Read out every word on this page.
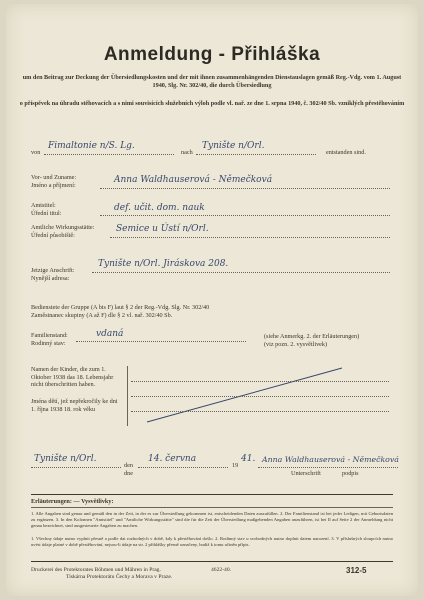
Anmeldung - Přihláška
um den Beitrag zur Deckung der Übersiedlungskosten und der mit ihnen zusammenhängenden Dienstauslagen gemäß Reg.-Vdg. vom 1. August 1940, Slg. Nr. 302/40, die durch Übersiedlung
o příspěvek na úhradu stěhovacích a s nimi souvisících služebních výloh podle vl. nař. ze dne 1. srpna 1940, č. 302/40 Sb. vzniklých přestěhováním
von
Fimaltonie n/S. Lg.
nach
Tynište n/Orl.
entstanden sind.
Vor- und Zuname:
Jméno a příjmení:
Anna Waldhauserová - Němečková
Amtstitel:
Úřední titul:
def. učit. dom. nauk
Amtliche Wirkungsstätte:
Úřední působiště:
Semice u Ústí n/Orl.
Jetzige Anschrift:
Nynější adresa:
Tynište n/Orl. Jiráskova 208.
Bedienstete der Gruppe (A bis F) laut § 2 der Reg.-Vdg. Slg. Nr. 302/40
Zaměstnanec skupiny (A až F) dle § 2 vl. nař. 302/40 Sb.
Familienstand:
Rodinný stav:
vdaná	(siehe Anmerkg. 2. der Erläuterungen)
(viz pozn. 2. vysvětlivek)
Namen der Kinder, die zum 1. Oktober 1938 das 18. Lebensjahr nicht überschritten haben.
Jména dětí, jež nepřekročily ke dni 1. října 1938 18. rok věku
Tynište n/Orl.
den
dne
14. června
19
41. Anna Waldhauserová - Němečková
Unterschrift	podpis
Erläuterungen: — Vysvětlivky:
1. Alle Angaben sind genau und gemäß den in der Zeit, in der es zur Übersiedlung gekommen ist, entscheidenden Daten auszufüllen. 2. Der Familienstand ist bei jeder Ledigen, mit Geburtsdaten zu ergänzen. 3. In den Kolonnen "Amtstitel" und "Amtliche Wirkungsstätte" sind die für die Zeit der Übersiedlung maßgebenden Angaben anzuführen, ist bei II auf Seite 2 der Anmeldung nicht genau bezeichnet, sind ausgesteuerte Angaben zu machen.
1. Všechny údaje nutno vyplnit přesně a podle dat rozhodných v době, kdy k přestěhování došlo. 2. Rodinný stav u svobodných nutno doplnit datem narození. 3. V příslušných sloupcích nutno uvést údaje platné v době přestěhování, nejsou-li údaje na str. 2 přihlášky přesně označeny, budiž k tomu učiněn přípis.
Druckerei des Protektorates Böhmen und Mähren in Prag.
Tiskárna Protektorátu Čechy a Morava v Praze.
4622-40.	312-5
